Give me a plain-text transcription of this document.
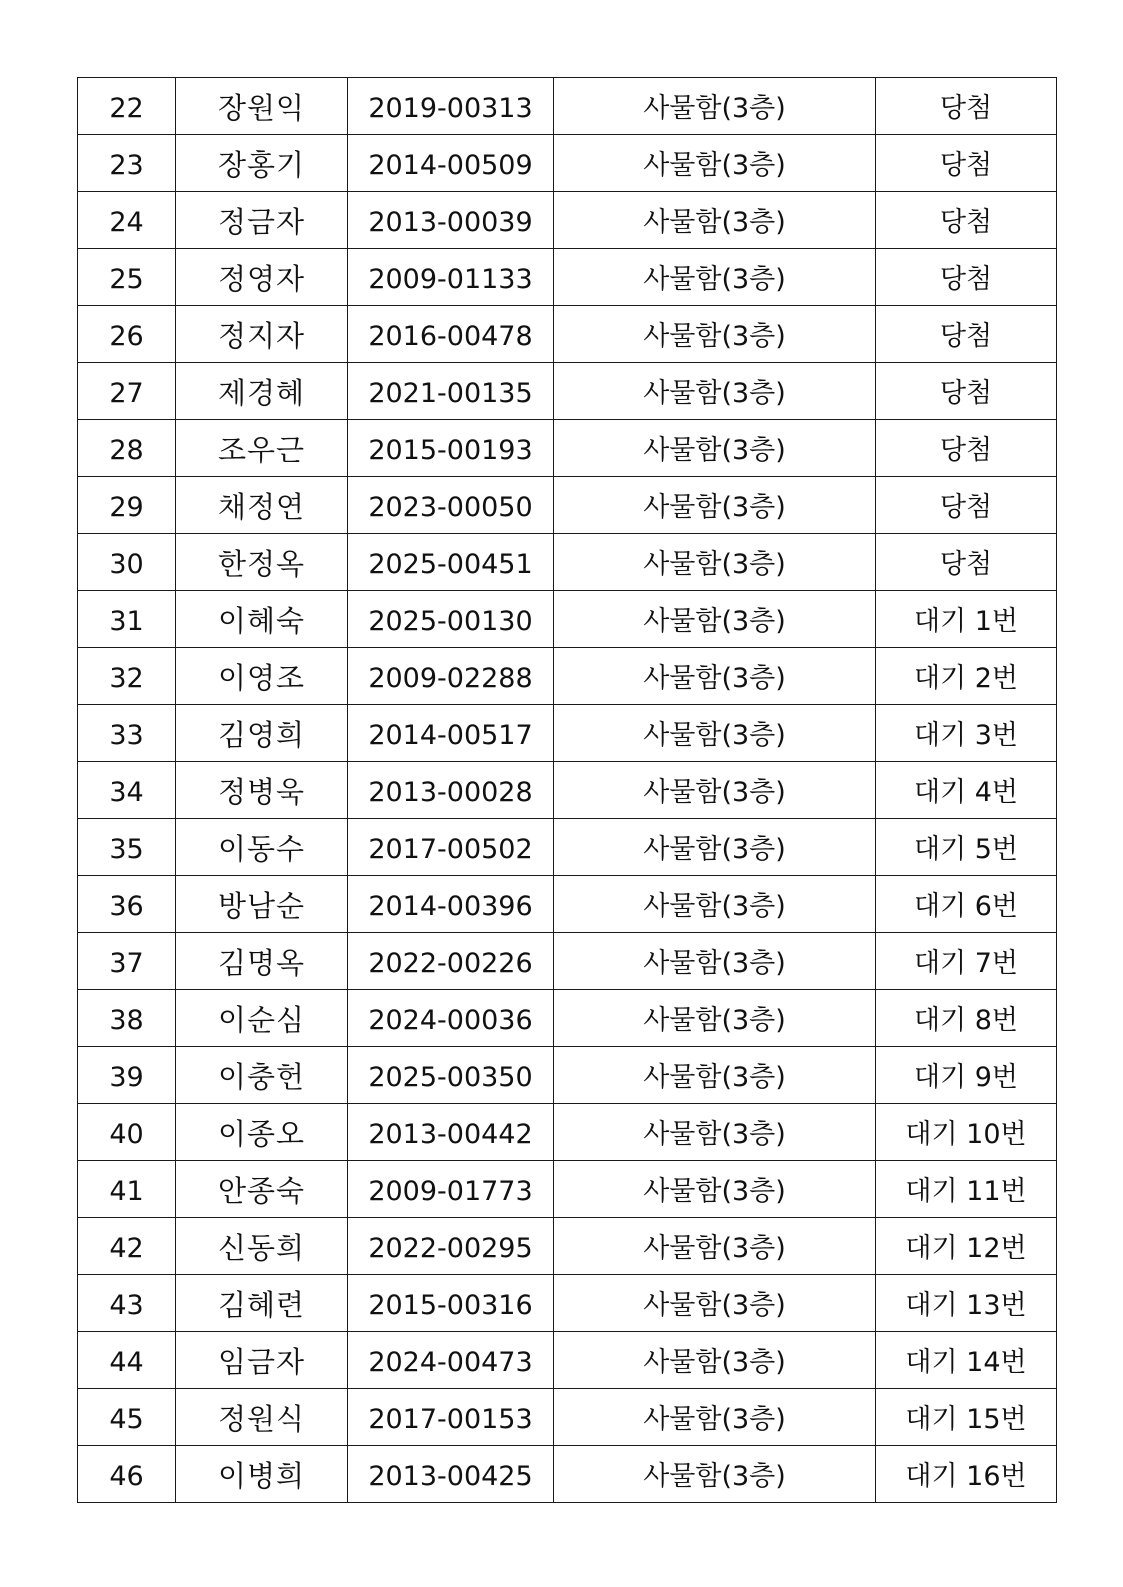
22	장원익	2019-00313	사물함(3층)	당첨
23	장홍기	2014-00509	사물함(3층)	당첨
24	정금자	2013-00039	사물함(3층)	당첨
25	정영자	2009-01133	사물함(3층)	당첨
26	정지자	2016-00478	사물함(3층)	당첨
27	제경혜	2021-00135	사물함(3층)	당첨
28	조우근	2015-00193	사물함(3층)	당첨
29	채정연	2023-00050	사물함(3층)	당첨
30	한정옥	2025-00451	사물함(3층)	당첨
31	이혜숙	2025-00130	사물함(3층)	대기 1번
32	이영조	2009-02288	사물함(3층)	대기 2번
33	김영희	2014-00517	사물함(3층)	대기 3번
34	정병욱	2013-00028	사물함(3층)	대기 4번
35	이동수	2017-00502	사물함(3층)	대기 5번
36	방남순	2014-00396	사물함(3층)	대기 6번
37	김명옥	2022-00226	사물함(3층)	대기 7번
38	이순심	2024-00036	사물함(3층)	대기 8번
39	이충헌	2025-00350	사물함(3층)	대기 9번
40	이종오	2013-00442	사물함(3층)	대기 10번
41	안종숙	2009-01773	사물함(3층)	대기 11번
42	신동희	2022-00295	사물함(3층)	대기 12번
43	김혜련	2015-00316	사물함(3층)	대기 13번
44	임금자	2024-00473	사물함(3층)	대기 14번
45	정원식	2017-00153	사물함(3층)	대기 15번
46	이병희	2013-00425	사물함(3층)	대기 16번
